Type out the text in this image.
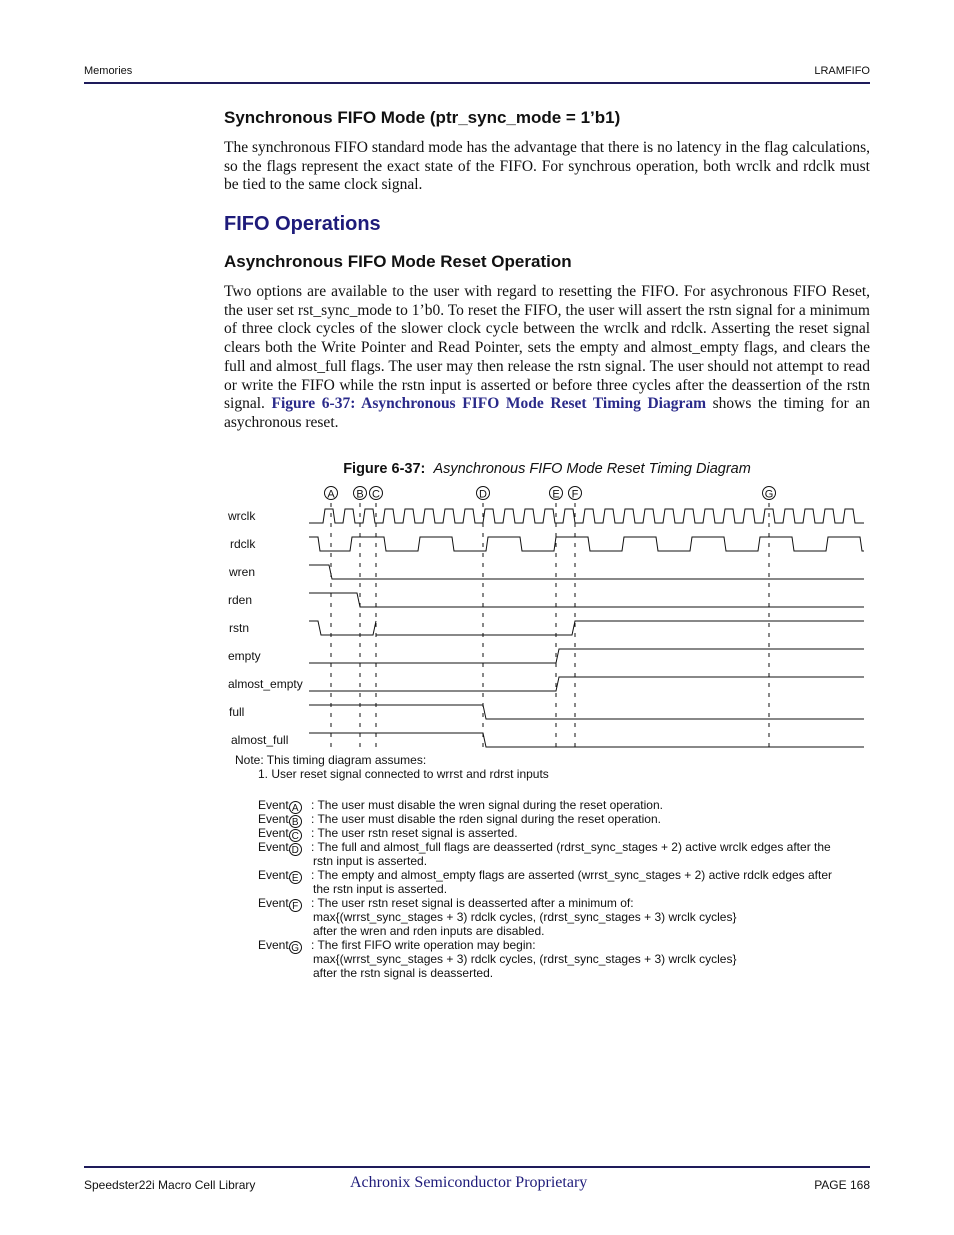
Memories	LRAMFIFO
Synchronous FIFO Mode (ptr_sync_mode = 1’b1)
The synchronous FIFO standard mode has the advantage that there is no latency in the flag calculations, so the flags represent the exact state of the FIFO. For synchrous operation, both wrclk and rdclk must be tied to the same clock signal.
FIFO Operations
Asynchronous FIFO Mode Reset Operation
Two options are available to the user with regard to resetting the FIFO. For asychronous FIFO Reset, the user set rst_sync_mode to 1’b0. To reset the FIFO, the user will assert the rstn signal for a minimum of three clock cycles of the slower clock cycle between the wrclk and rdclk. Asserting the reset signal clears both the Write Pointer and Read Pointer, sets the empty and almost_empty flags, and clears the full and almost_full flags. The user may then release the rstn signal. The user should not attempt to read or write the FIFO while the rstn input is asserted or before three cycles after the deassertion of the rstn signal. Figure 6-37: Asynchronous FIFO Mode Reset Timing Diagram shows the timing for an asychronous reset.
Figure 6-37: Asynchronous FIFO Mode Reset Timing Diagram
A B C	D	E F	G
wrclk
rdclk
wren
rden
rstn
empty
almost_empty
full
almost_full
Note: This timing diagram assumes:
1. User reset signal connected to wrrst and rdrst inputs
Event A : The user must disable the wren signal during the reset operation.
Event B : The user must disable the rden signal during the reset operation.
Event C : The user rstn reset signal is asserted.
Event D : The full and almost_full flags are deasserted (rdrst_sync_stages + 2) active wrclk edges after the
rstn input is asserted.
Event E : The empty and almost_empty flags are asserted (wrrst_sync_stages + 2) active rdclk edges after
the rstn input is asserted.
Event F : The user rstn reset signal is deasserted after a minimum of:
max{(wrrst_sync_stages + 3) rdclk cycles, (rdrst_sync_stages + 3) wrclk cycles}
after the wren and rden inputs are disabled.
Event G : The first FIFO write operation may begin:
max{(wrrst_sync_stages + 3) rdclk cycles, (rdrst_sync_stages + 3) wrclk cycles}
after the rstn signal is deasserted.
Speedster22i Macro Cell Library	Achronix Semiconductor Proprietary	PAGE 168
